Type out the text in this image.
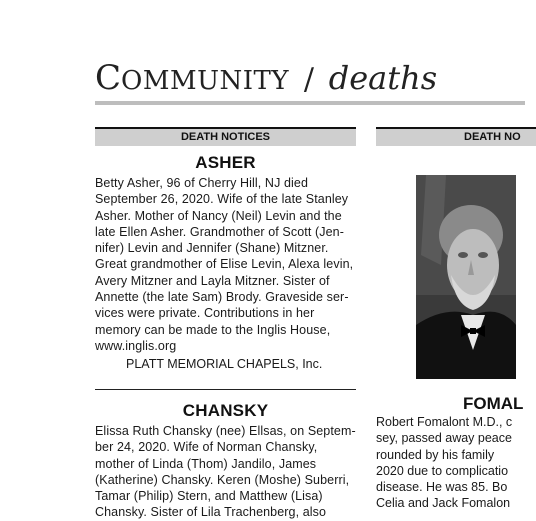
COMMUNITY / deaths
DEATH NOTICES
ASHER
Betty Asher, 96 of Cherry Hill, NJ died
September 26, 2020. Wife of the late Stanley
Asher. Mother of Nancy (Neil) Levin and the
late Ellen Asher. Grandmother of Scott (Jen-
nifer) Levin and Jennifer (Shane) Mitzner.
Great grandmother of Elise Levin, Alexa levin,
Avery Mitzner and Layla Mitzner. Sister of
Annette (the late Sam) Brody. Graveside ser-
vices were private. Contributions in her
memory can be made to the Inglis House,
www.inglis.org
PLATT MEMORIAL CHAPELS, Inc.
CHANSKY
Elissa Ruth Chansky (nee) Ellsas, on Septem-
ber 24, 2020. Wife of Norman Chansky,
mother of Linda (Thom) Jandilo, James
(Katherine) Chansky. Keren (Moshe) Suberri,
Tamar (Philip) Stern, and Matthew (Lisa)
Chansky. Sister of Lila Trachenberg, also
DEATH NO
FOMAL
Robert Fomalont M.D., c
sey, passed away peace
rounded by his family
2020 due to complicatio
disease. He was 85. Bo
Celia and Jack Fomalon
